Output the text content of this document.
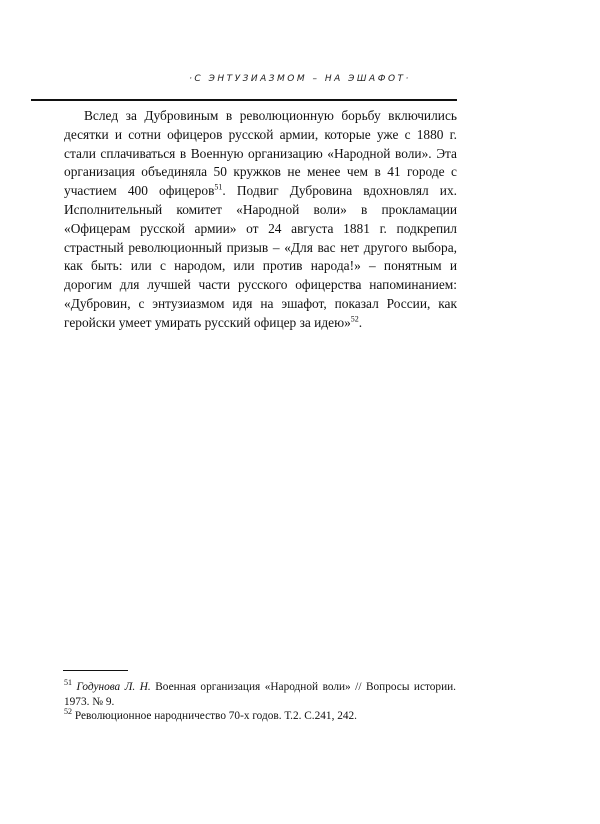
·С ЭНТУЗИАЗМОМ – НА ЭШАФОТ·

Вслед за Дубровиным в революционную борьбу включились десятки и сотни офицеров русской армии, которые уже с 1880 г. стали сплачиваться в Военную организацию «Народной воли». Эта организация объединяла 50 кружков не менее чем в 41 городе с участием 400 офицеров$^{51}$. Подвиг Дубровина вдохновлял их. Исполнительный комитет «Народной воли» в прокламации «Офицерам русской армии» от 24 августа 1881 г. подкрепил страстный революционный призыв – «Для вас нет другого выбора, как быть: или с народом, или против народа!» – понятным и дорогим для лучшей части русского офицерства напоминанием: «Дубровин, с энтузиазмом идя на эшафот, показал России, как геройски умеет умирать русский офицер за идею»$^{52}$.

$^{51}$ Годунова Л. Н. Военная организация «Народной воли» // Вопросы истории. 1973. № 9.

$^{52}$ Революционное народничество 70-х годов. Т.2. С.241, 242.
